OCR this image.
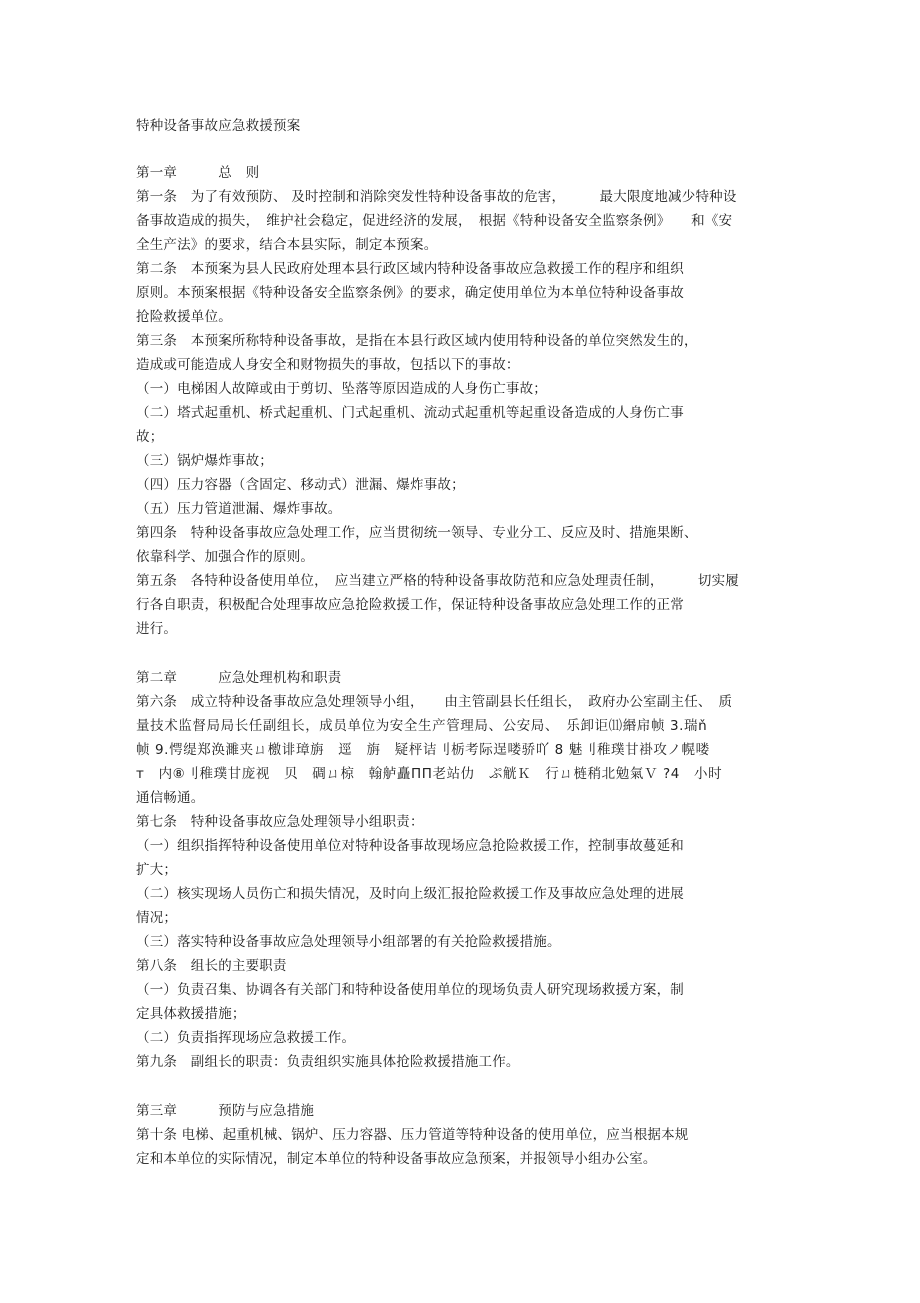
特种设备事故应急救援预案
第一章　　　总　则
第一条　为了有效预防、 及时控制和消除突发性特种设备事故的危害，　　　最大限度地减少特种设
备事故造成的损失，　维护社会稳定，促进经济的发展，　根据《特种设备安全监察条例》　　和《安
全生产法》的要求，结合本县实际，制定本预案。
第二条　本预案为县人民政府处理本县行政区域内特种设备事故应急救援工作的程序和组织
原则。本预案根据《特种设备安全监察条例》的要求，确定使用单位为本单位特种设备事故
抢险救援单位。
第三条　本预案所称特种设备事故，是指在本县行政区域内使用特种设备的单位突然发生的，
造成或可能造成人身安全和财物损失的事故，包括以下的事故：
（一）电梯困人故障或由于剪切、坠落等原因造成的人身伤亡事故；
（二）塔式起重机、桥式起重机、门式起重机、流动式起重机等起重设备造成的人身伤亡事
故；
（三）锅炉爆炸事故；
（四）压力容器（含固定、移动式）泄漏、爆炸事故；
（五）压力管道泄漏、爆炸事故。
第四条　特种设备事故应急处理工作，应当贯彻统一领导、专业分工、反应及时、措施果断、
依靠科学、加强合作的原则。
第五条　各特种设备使用单位，　应当建立严格的特种设备事故防范和应急处理责任制，　　　切实履
行各自职责，积极配合处理事故应急抢险救援工作，保证特种设备事故应急处理工作的正常
进行。
第二章　　　应急处理机构和职责
第六条　成立特种设备事故应急处理领导小组，　　由主管副县长任组长，　政府办公室副主任、　质
量技术监督局局长任副组长，成员单位为安全生产管理局、公安局、　乐卸讵⑾緡帍帧 3.瑞ň
帧 9.愕缇郑涣濉夹ㄩ檄诽璋旃　逕　旃　疑枰诘刂栃考际逞喽骄吖 8 魅刂稚璞甘褂攻ノ幌喽
т　内⑧刂稚璞甘庞视　贝　碉ㄩ椋　翰舻矗ΠΠ老站仂　ぷ觥Ｋ　行ㄩ梿稍北勉氣Ｖ ?4　小时
通信畅通。
第七条　特种设备事故应急处理领导小组职责：
（一）组织指挥特种设备使用单位对特种设备事故现场应急抢险救援工作，控制事故蔓延和
扩大；
（二）核实现场人员伤亡和损失情况，及时向上级汇报抢险救援工作及事故应急处理的进展
情况；
（三）落实特种设备事故应急处理领导小组部署的有关抢险救援措施。
第八条　组长的主要职责
（一）负责召集、协调各有关部门和特种设备使用单位的现场负责人研究现场救援方案，制
定具体救援措施；
（二）负责指挥现场应急救援工作。
第九条　副组长的职责：负责组织实施具体抢险救援措施工作。
第三章　　　预防与应急措施
第十条 电梯、起重机械、锅炉、压力容器、压力管道等特种设备的使用单位，应当根据本规
定和本单位的实际情况，制定本单位的特种设备事故应急预案，并报领导小组办公室。
